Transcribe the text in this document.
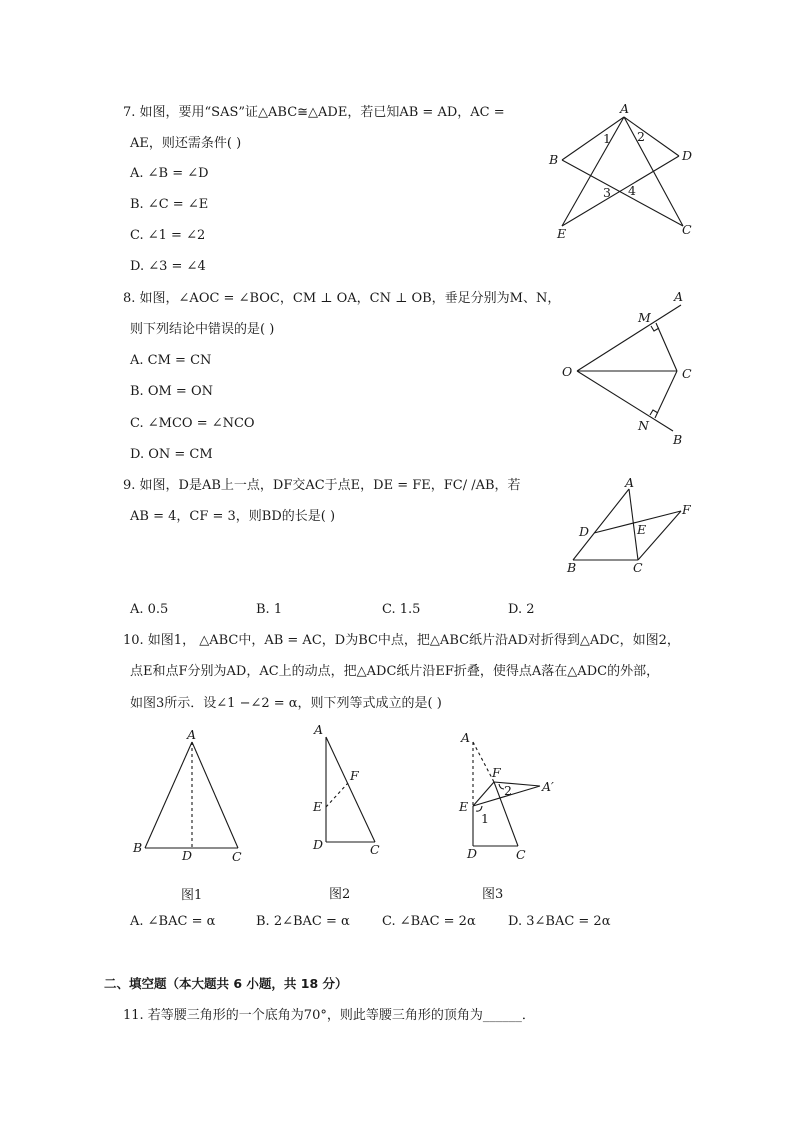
7. 如图，要用“SAS”证△ABC≅△ADE，若已知AB = AD，AC =
AE，则还需条件( )
A. ∠B = ∠D
B. ∠C = ∠E
C. ∠1 = ∠2
D. ∠3 = ∠4
A
B	D
E	C
1 2
3 4
8. 如图，∠AOC = ∠BOC，CM ⊥ OA，CN ⊥ OB，垂足分别为M、N，
则下列结论中错误的是( )
A. CM = CN
B. OM = ON
C. ∠MCO = ∠NCO
D. ON = CM
A
M
O	C
N
B
9. 如图，D是AB上一点，DF交AC于点E，DE = FE，FC/ /AB，若
AB = 4，CF = 3，则BD的长是( )
A
F
D	E
B	C
A. 0.5	B. 1	C. 1.5	D. 2
10. 如图1， △ABC中，AB = AC，D为BC中点，把△ABC纸片沿AD对折得到△ADC，如图2，
点E和点F分别为AD，AC上的动点，把△ADC纸片沿EF折叠，使得点A落在△ADC的外部，
如图3所示．设∠1 −∠2 = α，则下列等式成立的是( )
A
B
D	C
A
F
E
D	C
A
F
2 A′
E
1
D	C
图1	图2	图3
A. ∠BAC = α	B. 2∠BAC = α C. ∠BAC = 2α D. 3∠BAC = 2α
二、填空题（本大题共 6 小题，共 18 分）
11. 若等腰三角形的一个底角为70°，则此等腰三角形的顶角为______．
